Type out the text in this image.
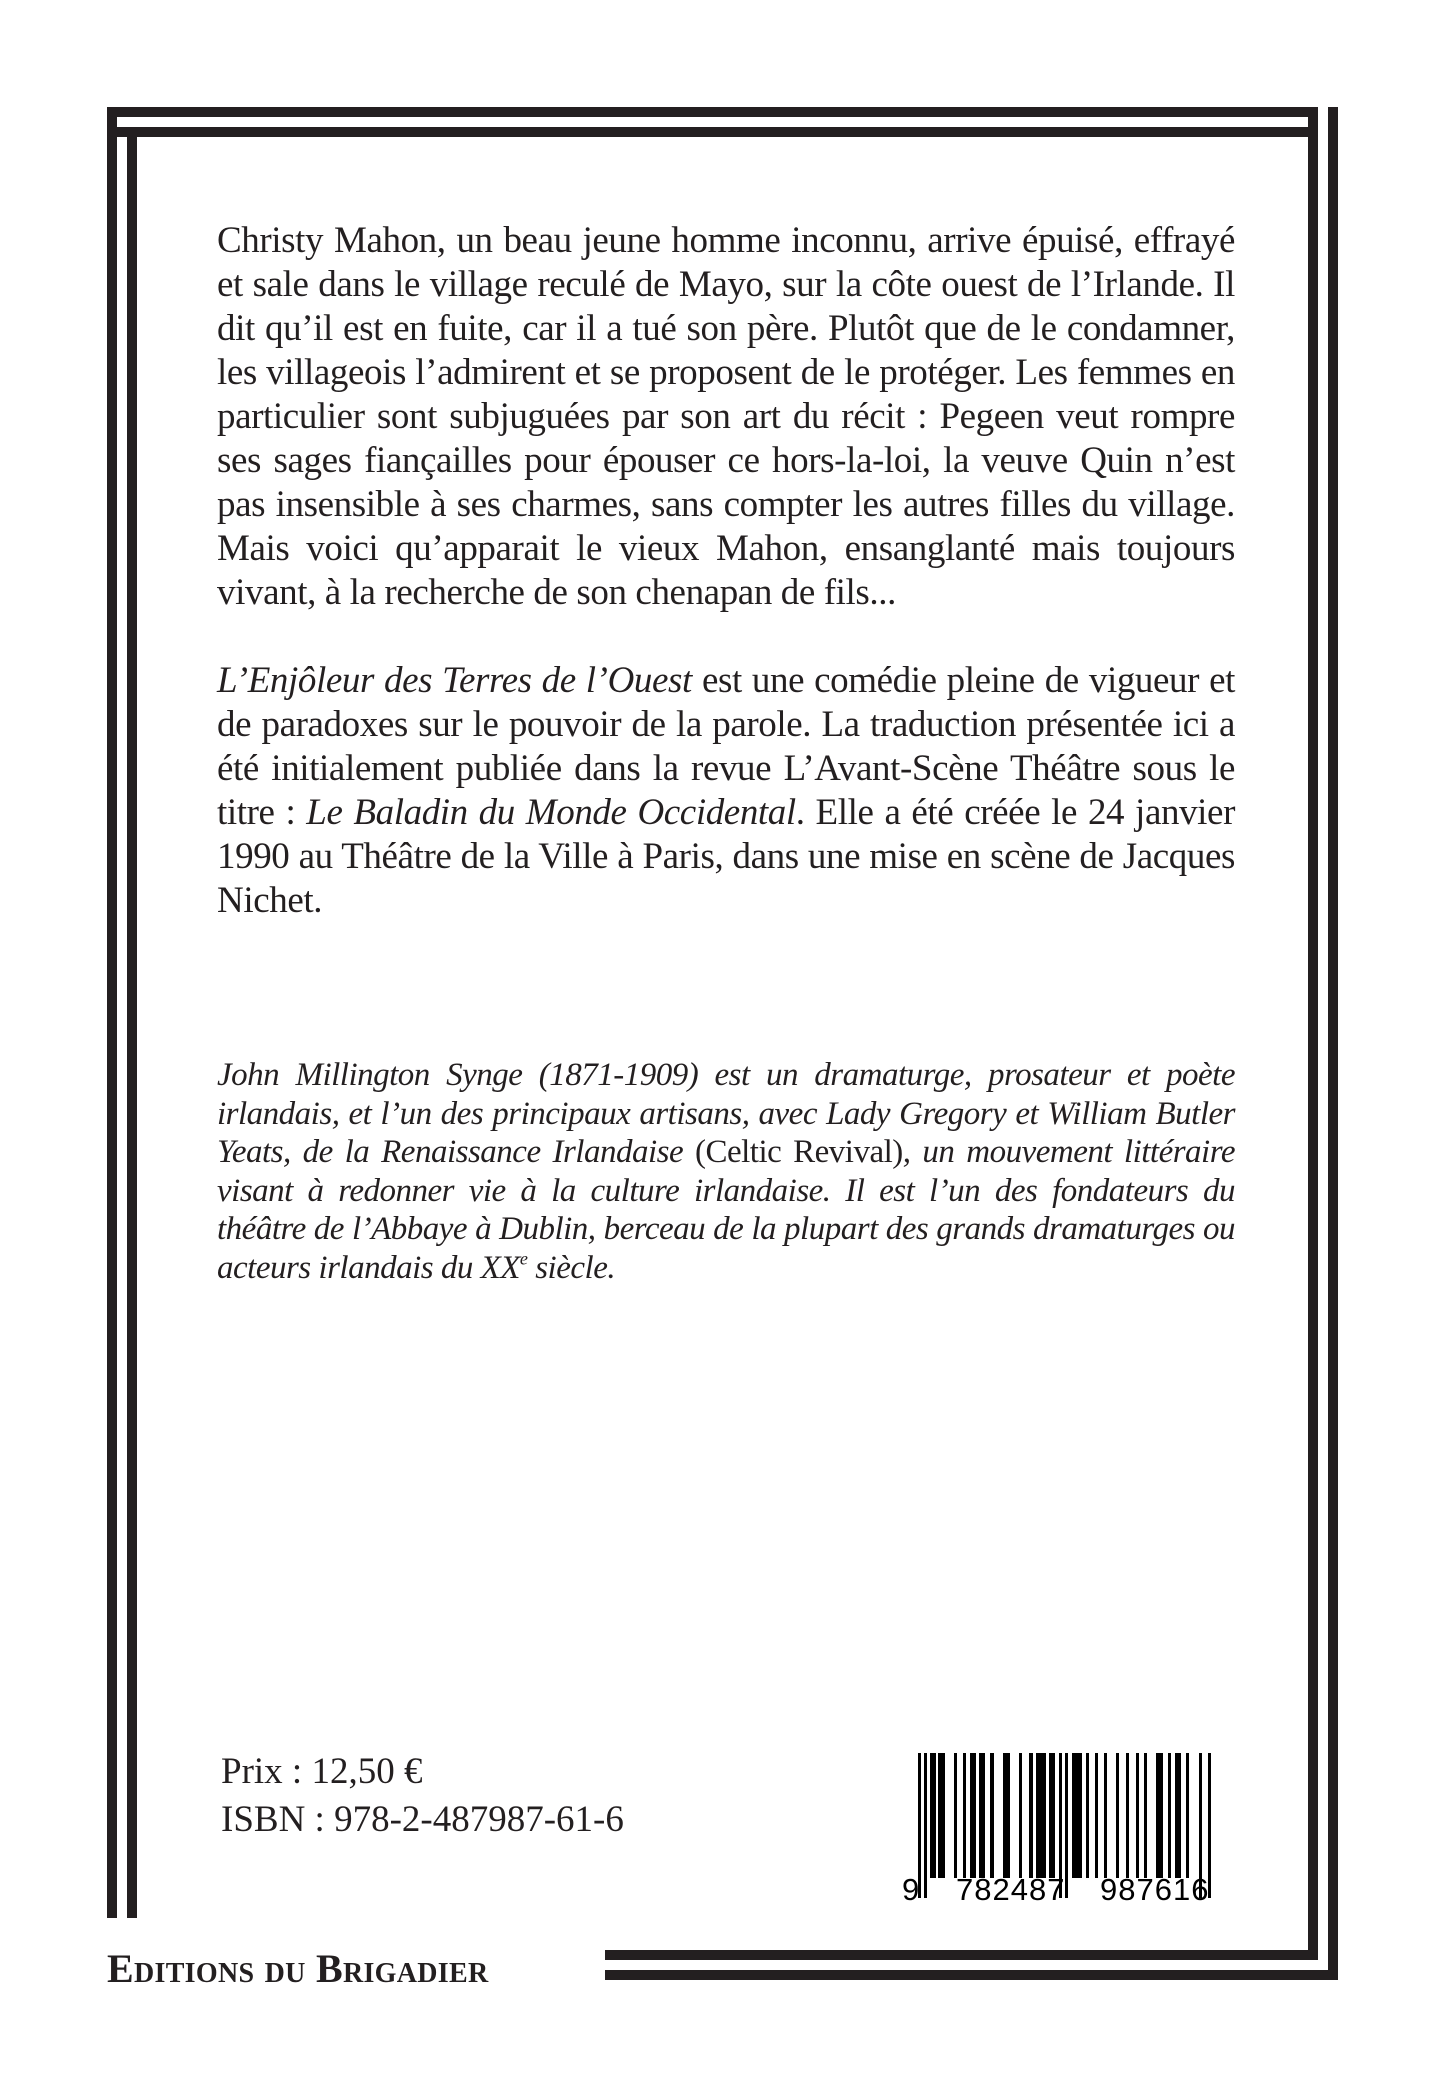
Christy Mahon, un beau jeune homme inconnu, arrive épuisé, effrayé et sale dans le village reculé de Mayo, sur la côte ouest de l’Irlande. Il dit qu’il est en fuite, car il a tué son père. Plutôt que de le condamner, les villageois l’admirent et se proposent de le protéger. Les femmes en particulier sont subjuguées par son art du récit : Pegeen veut rompre ses sages fiançailles pour épouser ce hors-la-loi, la veuve Quin n’est pas insensible à ses charmes, sans compter les autres filles du village. Mais voici qu’apparait le vieux Mahon, ensanglanté mais toujours vivant, à la recherche de son chenapan de fils...

L’Enjôleur des Terres de l’Ouest est une comédie pleine de vigueur et de paradoxes sur le pouvoir de la parole. La traduction présentée ici a été initialement publiée dans la revue L’Avant-Scène Théâtre sous le titre : Le Baladin du Monde Occidental. Elle a été créée le 24 janvier 1990 au Théâtre de la Ville à Paris, dans une mise en scène de Jacques Nichet.

John Millington Synge (1871-1909) est un dramaturge, prosateur et poète irlandais, et l’un des principaux artisans, avec Lady Gregory et William Butler Yeats, de la Renaissance Irlandaise (Celtic Revival), un mouvement littéraire visant à redonner vie à la culture irlandaise. Il est l’un des fondateurs du théâtre de l’Abbaye à Dublin, berceau de la plupart des grands dramaturges ou acteurs irlandais du XXe siècle.

Prix : 12,50 €
ISBN : 978-2-487987-61-6
9 782487 987616
Editions du Brigadier
